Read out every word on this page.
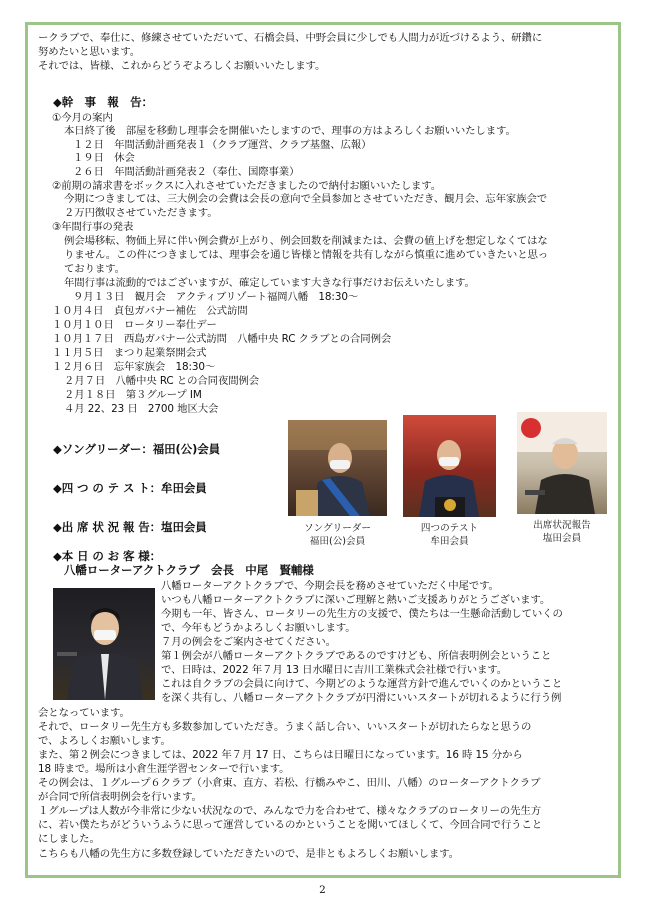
ークラブで、奉仕に、修練させていただいて、石橋会員、中野会員に少しでも人間力が近づけるよう、研鑽に
努めたいと思います。
それでは、皆様、これからどうぞよろしくお願いいたします。
◆幹　事　報　告：
①今月の案内
本日終了後　部屋を移動し理事会を開催いたしますので、理事の方はよろしくお願いいたします。
１２日　年間活動計画発表１（クラブ運営、クラブ基盤、広報）
１９日　休会
２６日　年間活動計画発表２（奉仕、国際事業）
②前期の請求書をボックスに入れさせていただきましたので納付お願いいたします。
今期につきましては、三大例会の会費は会長の意向で全員参加とさせていただき、観月会、忘年家族会で
２万円徴収させていただきます。
③年間行事の発表
例会場移転、物価上昇に伴い例会費が上がり、例会回数を削減または、会費の値上げを想定しなくてはな
りません。この件につきましては、理事会を通じ皆様と情報を共有しながら慎重に進めていきたいと思っ
ております。
年間行事は流動的ではございますが、確定しています大きな行事だけお伝えいたします。
９月１３日　観月会　アクティブリゾート福岡八幡　18:30～
１０月４日　貞包ガバナー補佐　公式訪問
１０月１０日　ロータリー奉仕デー
１０月１７日　西島ガバナー公式訪問　八幡中央 RC クラブとの合同例会
１１月５日　まつり起業祭開会式
１２月６日　忘年家族会　18:30～
２月７日　八幡中央 RC との合同夜間例会
２月１８日　第３グループ IM
４月 22、23 日　2700 地区大会
◆ソングリーダー：福田(公)会員
◆四 つ の テ ス ト：牟田会員
◆出 席 状 況 報 告：塩田会員	ソングリーダー
福田(公)会員
四つのテスト
牟田会員
出席状況報告
塩田会員
◆本 日 の お 客 様：
八幡ローターアクトクラブ　会長　中尾　賢輔様
八幡ローターアクトクラブで、今期会長を務めさせていただく中尾です。
いつも八幡ローターアクトクラブに深いご理解と熱いご支援ありがとうございます。
今期も一年、皆さん、ロータリーの先生方の支援で、僕たちは一生懸命活動していくの
で、今年もどうかよろしくお願いします。
７月の例会をご案内させてください。
第１例会が八幡ローターアクトクラブであるのですけども、所信表明例会ということ
で、日時は、2022 年７月 13 日水曜日に吉川工業株式会社様で行います。
これは自クラブの会員に向けて、今期どのような運営方針で進んでいくのかということ
を深く共有し、八幡ローターアクトクラブが円滑にいいスタートが切れるように行う例
会となっています。
それで、ロータリー先生方も多数参加していただき。うまく話し合い、いいスタートが切れたらなと思うの
で、よろしくお願いします。
また、第２例会につきましては、2022 年７月 17 日、こちらは日曜日になっています。16 時 15 分から
18 時まで。場所は小倉生涯学習センターで行います。
その例会は、１グループ６クラブ（小倉東、直方、若松、行橋みやこ、田川、八幡）のローターアクトクラブ
が合同で所信表明例会を行います。
１グループは人数が今非常に少ない状況なので、みんなで力を合わせて、様々なクラブのロータリーの先生方
に、若い僕たちがどういうふうに思って運営しているのかということを聞いてほしくて、今回合同で行うこと
にしました。
こちらも八幡の先生方に多数登録していただきたいので、是非ともよろしくお願いします。
2
